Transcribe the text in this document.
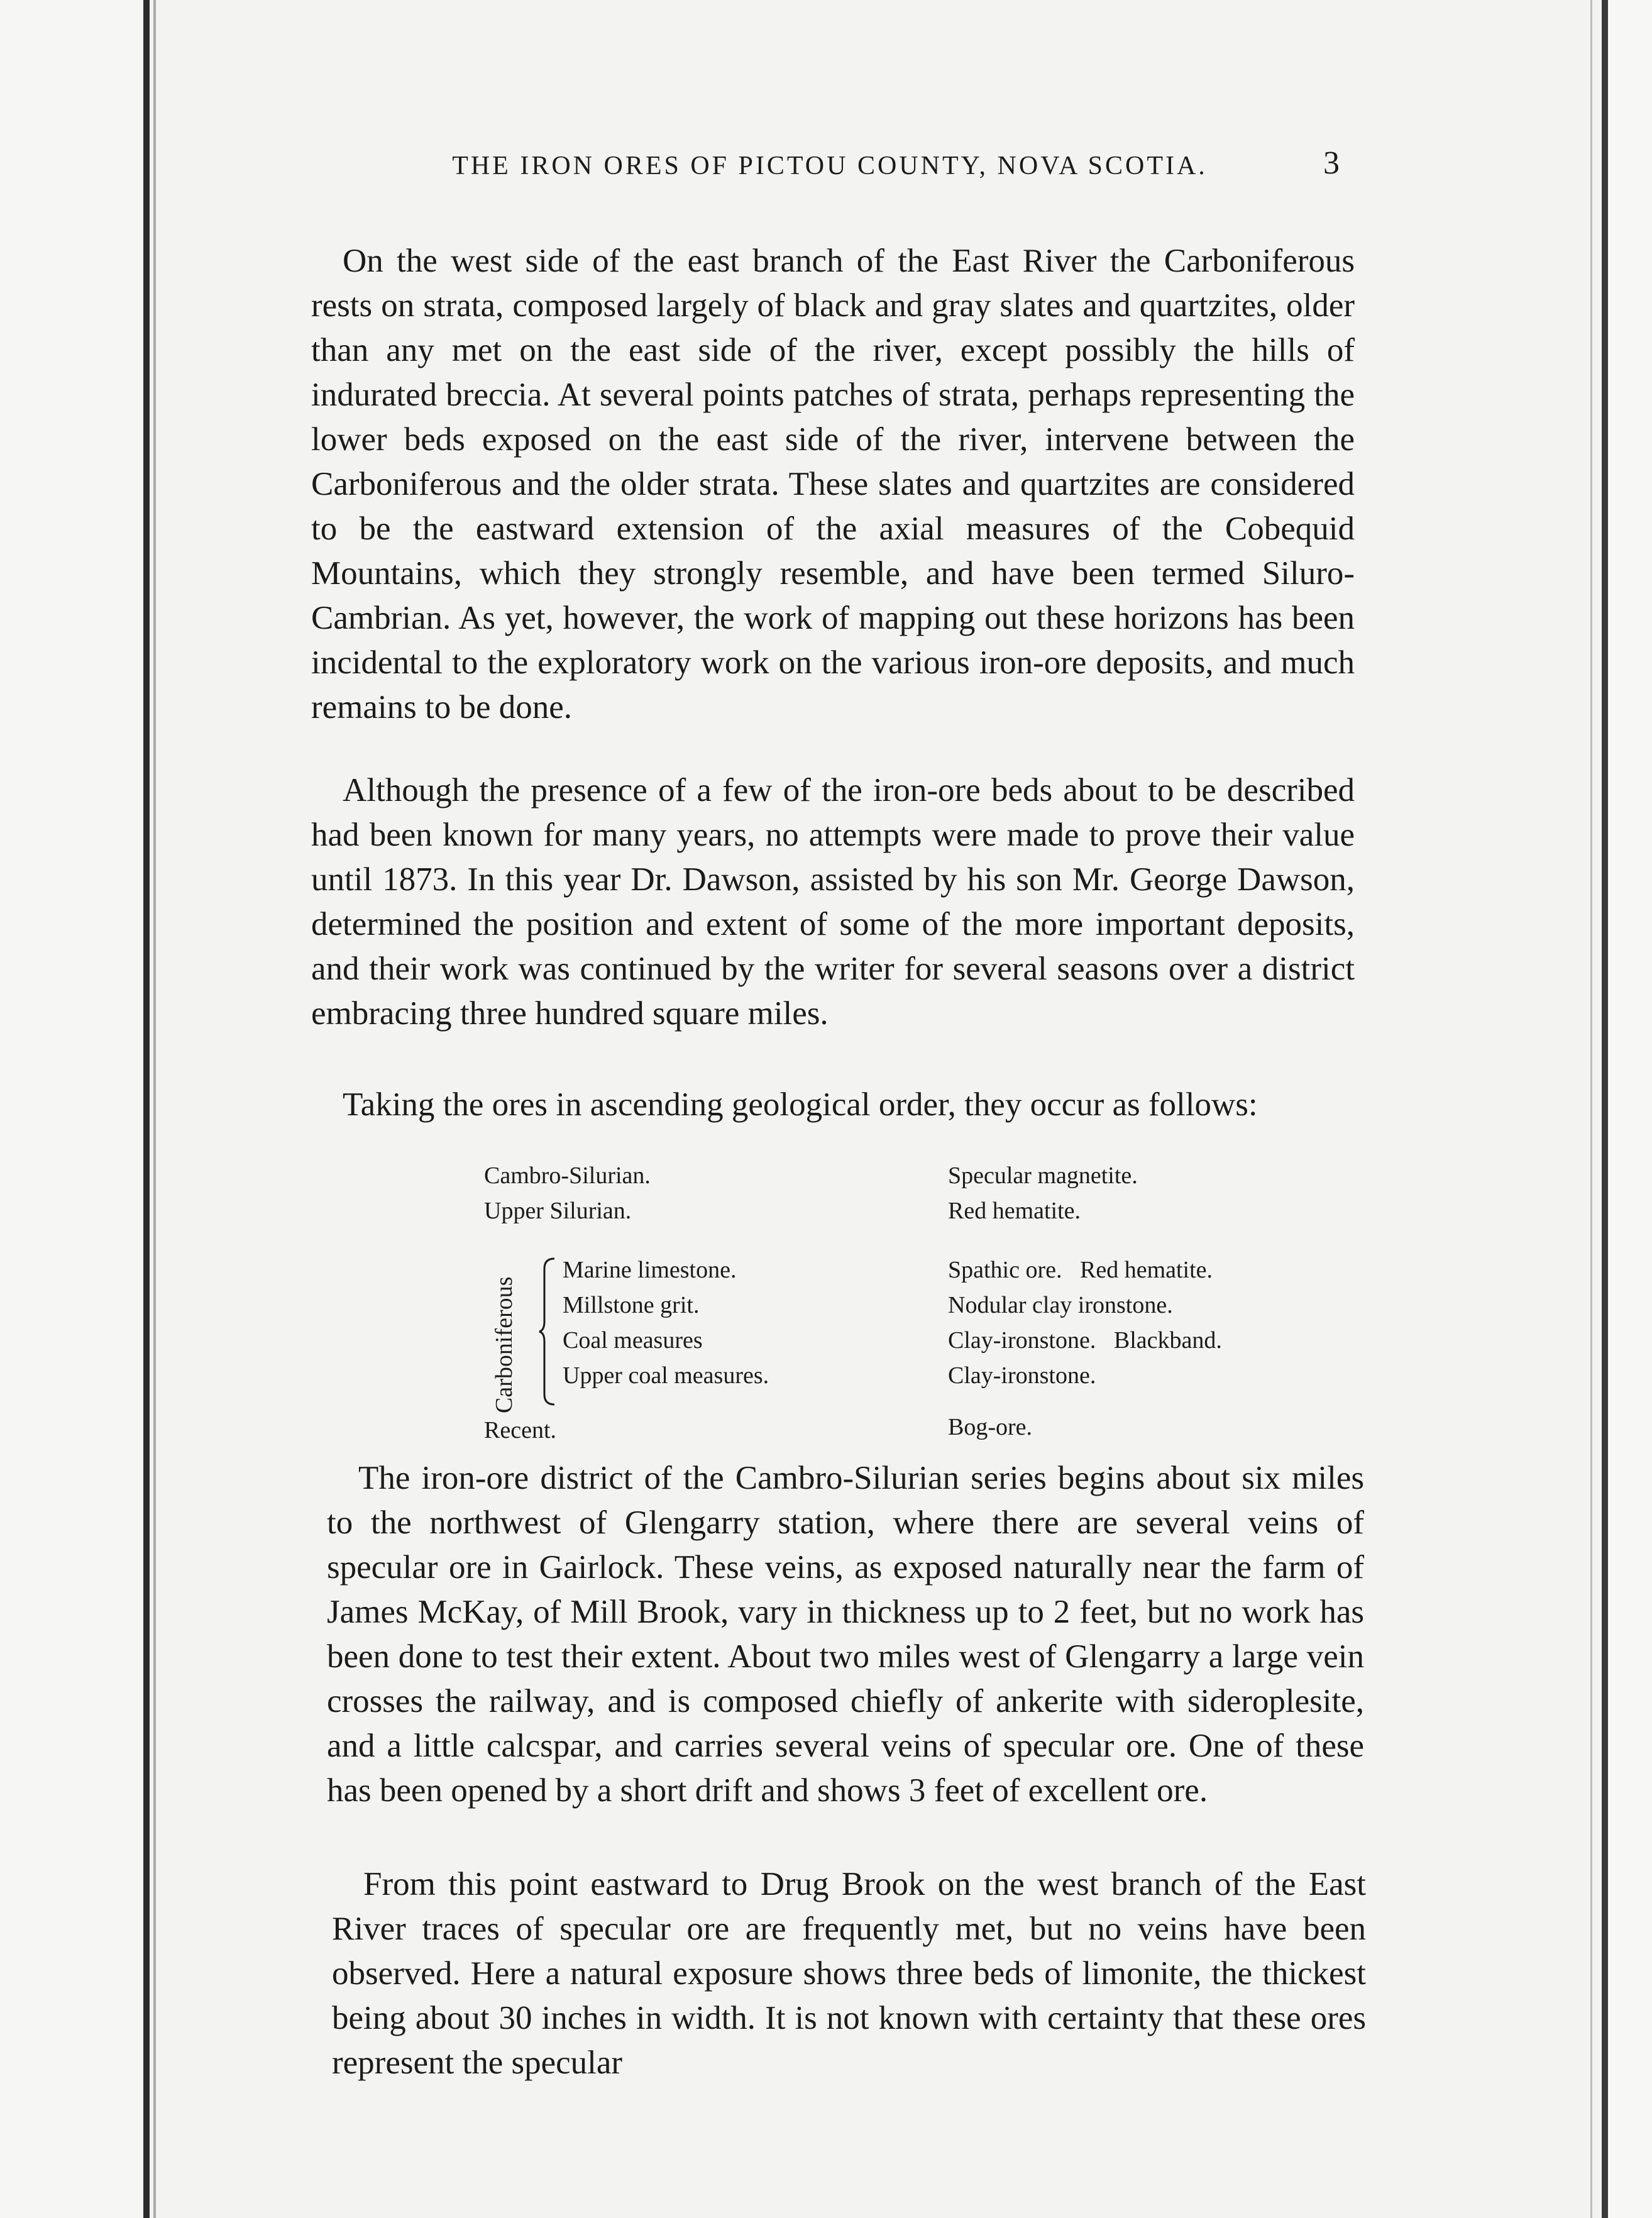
THE IRON ORES OF PICTOU COUNTY, NOVA SCOTIA.	3

On the west side of the east branch of the East River the Carboniferous rests on strata, composed largely of black and gray slates and quartzites, older than any met on the east side of the river, except possibly the hills of indurated breccia. At several points patches of strata, perhaps representing the lower beds exposed on the east side of the river, intervene between the Carboniferous and the older strata. These slates and quartzites are considered to be the eastward extension of the axial measures of the Cobequid Mountains, which they strongly resemble, and have been termed Siluro-Cambrian. As yet, however, the work of mapping out these horizons has been incidental to the exploratory work on the various iron-ore deposits, and much remains to be done.

Although the presence of a few of the iron-ore beds about to be described had been known for many years, no attempts were made to prove their value until 1873. In this year Dr. Dawson, assisted by his son Mr. George Dawson, determined the position and extent of some of the more important deposits, and their work was continued by the writer for several seasons over a district embracing three hundred square miles.

Taking the ores in ascending geological order, they occur as follows:

Cambro-Silurian.	Specular magnetite.
Upper Silurian.	Red hematite.
Carboniferous
Marine limestone.	Spathic ore.   Red hematite.
Millstone grit.	Nodular clay ironstone.
Coal measures	Clay-ironstone.   Blackband.
Upper coal measures.	Clay-ironstone.
Recent.	Bog-ore.

The iron-ore district of the Cambro-Silurian series begins about six miles to the northwest of Glengarry station, where there are several veins of specular ore in Gairlock. These veins, as exposed naturally near the farm of James McKay, of Mill Brook, vary in thickness up to 2 feet, but no work has been done to test their extent. About two miles west of Glengarry a large vein crosses the railway, and is composed chiefly of ankerite with sideroplesite, and a little calcspar, and carries several veins of specular ore. One of these has been opened by a short drift and shows 3 feet of excellent ore.

From this point eastward to Drug Brook on the west branch of the East River traces of specular ore are frequently met, but no veins have been observed. Here a natural exposure shows three beds of limonite, the thickest being about 30 inches in width. It is not known with certainty that these ores represent the specular
